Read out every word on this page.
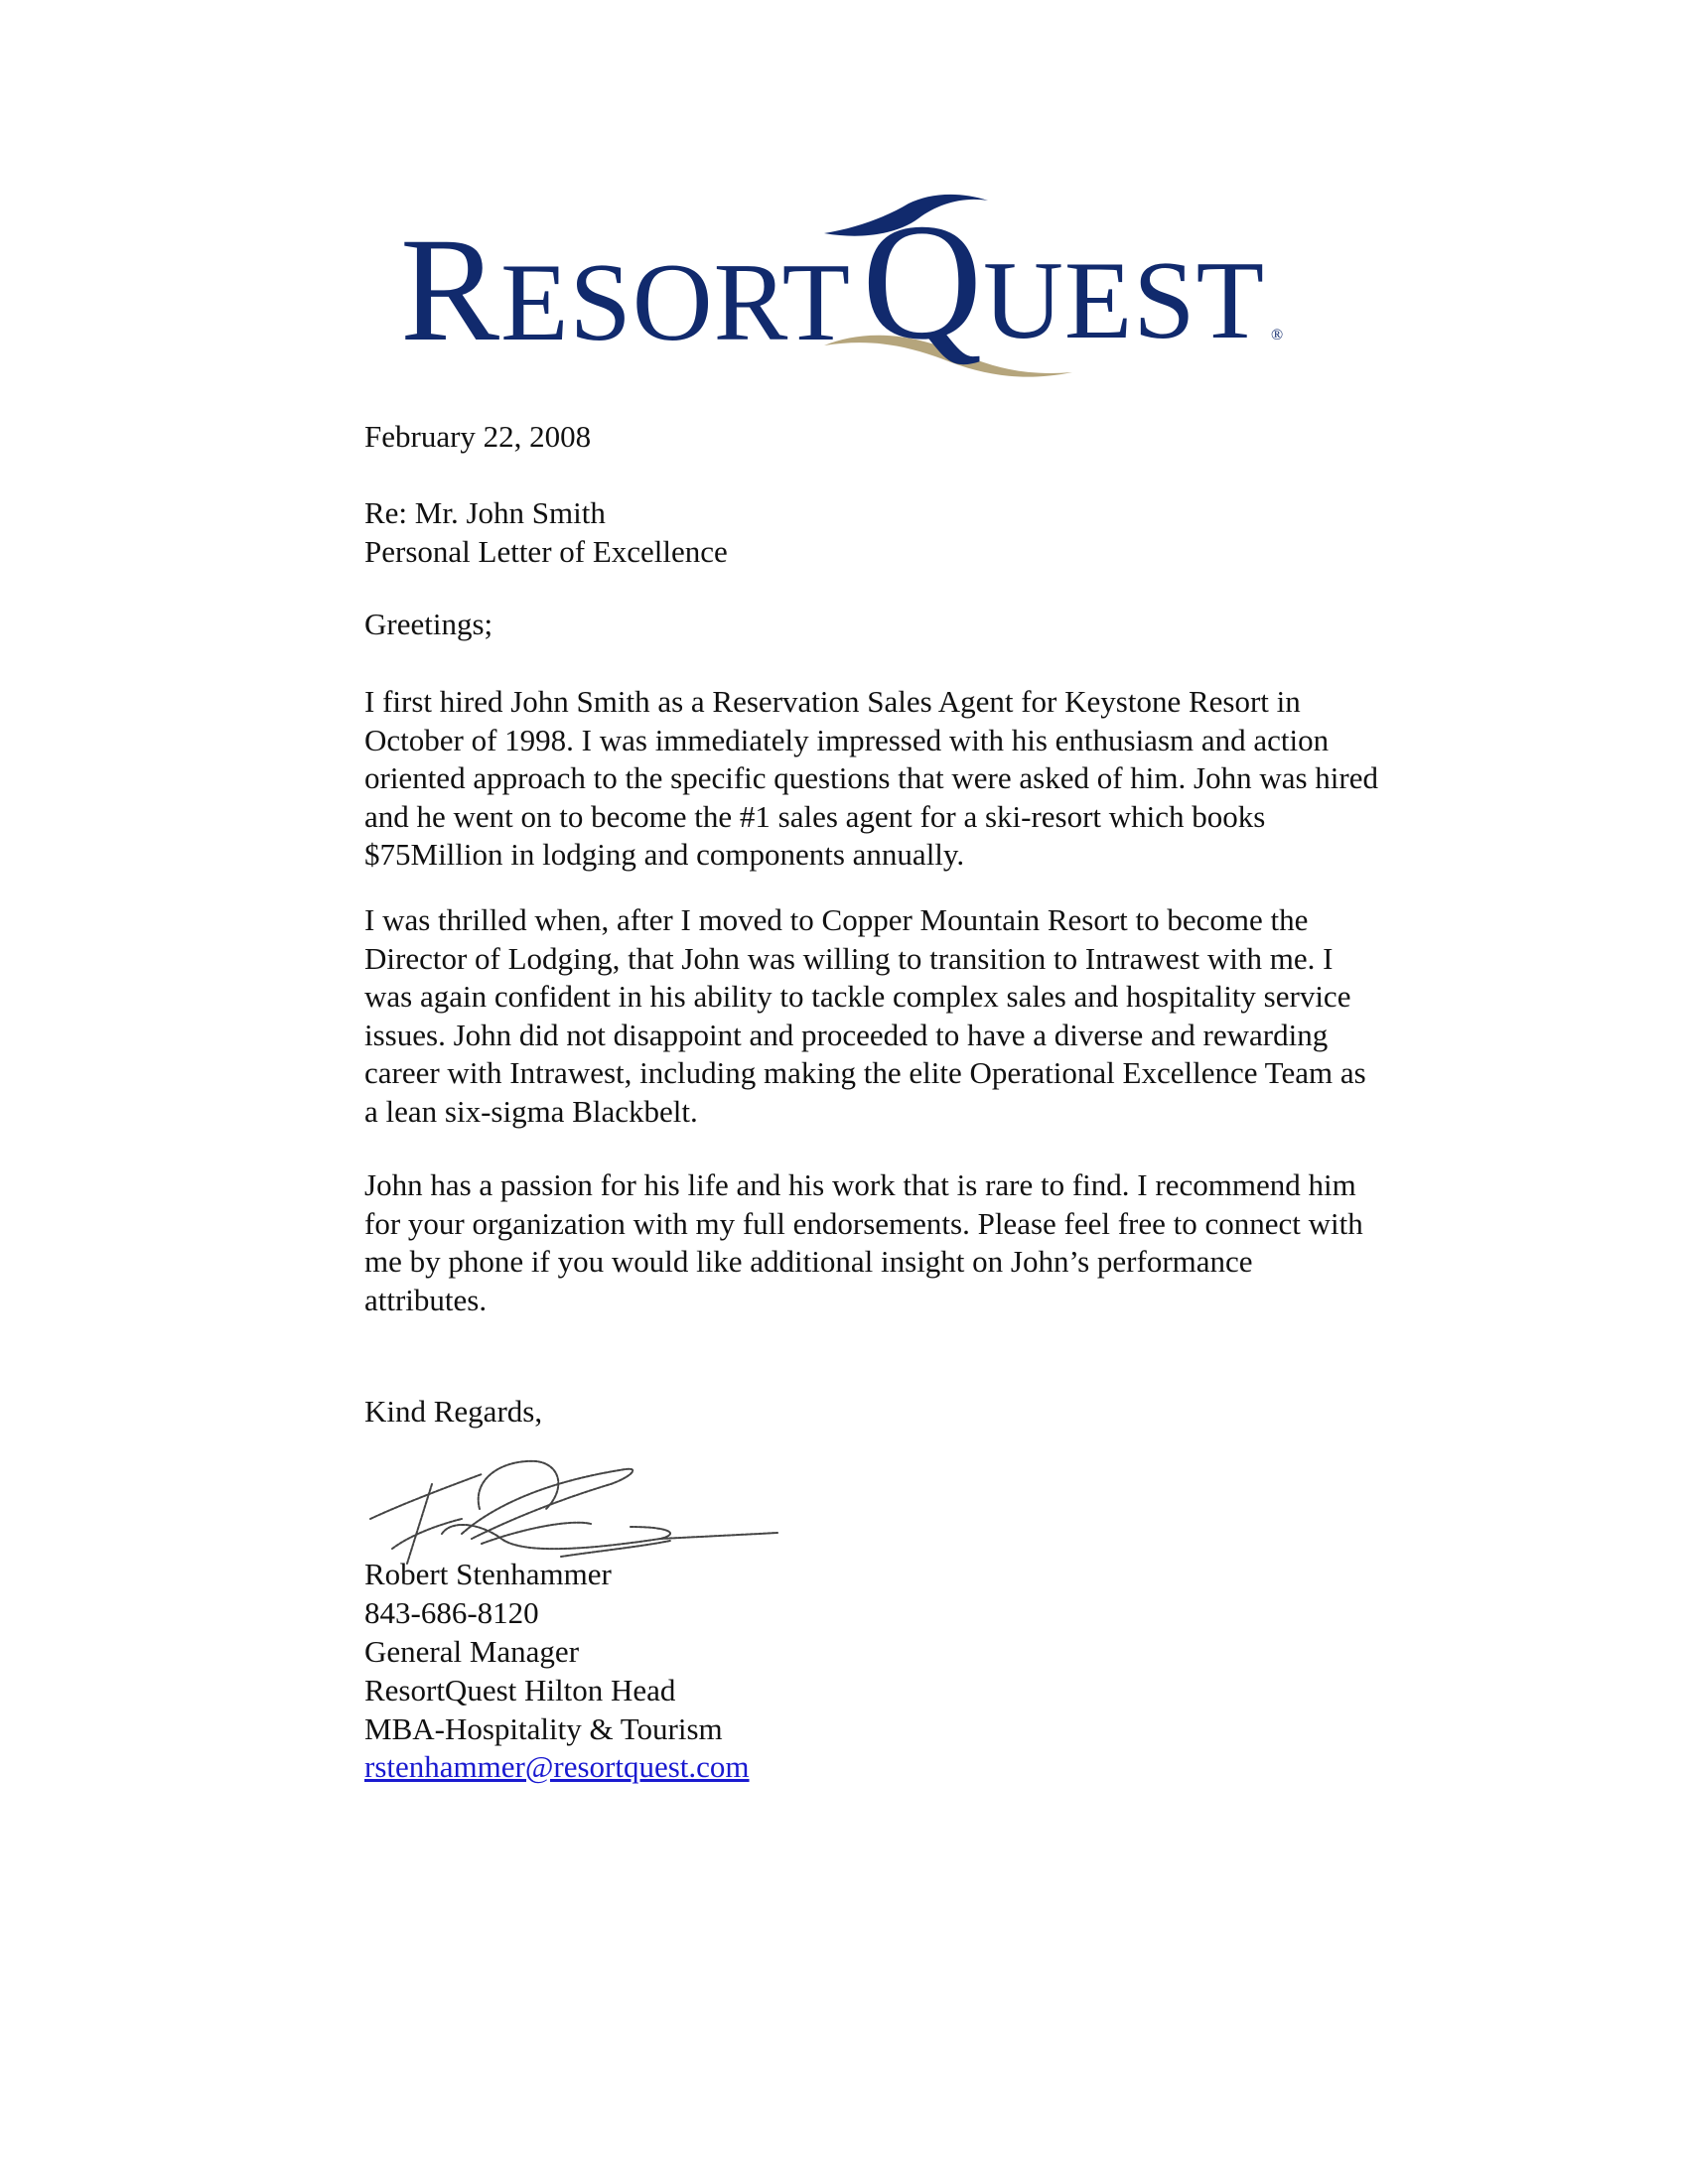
RESORT Q UEST ®
February 22, 2008
Re: Mr. John Smith
Personal Letter of Excellence
Greetings;
I first hired John Smith as a Reservation Sales Agent for Keystone Resort in
October of 1998. I was immediately impressed with his enthusiasm and action
oriented approach to the specific questions that were asked of him. John was hired
and he went on to become the #1 sales agent for a ski-resort which books
$75Million in lodging and components annually.
I was thrilled when, after I moved to Copper Mountain Resort to become the
Director of Lodging, that John was willing to transition to Intrawest with me. I
was again confident in his ability to tackle complex sales and hospitality service
issues. John did not disappoint and proceeded to have a diverse and rewarding
career with Intrawest, including making the elite Operational Excellence Team as
a lean six-sigma Blackbelt.
John has a passion for his life and his work that is rare to find. I recommend him
for your organization with my full endorsements. Please feel free to connect with
me by phone if you would like additional insight on John’s performance
attributes.
Kind Regards,
Robert Stenhammer
843-686-8120
General Manager
ResortQuest Hilton Head
MBA-Hospitality & Tourism
rstenhammer@resortquest.com
